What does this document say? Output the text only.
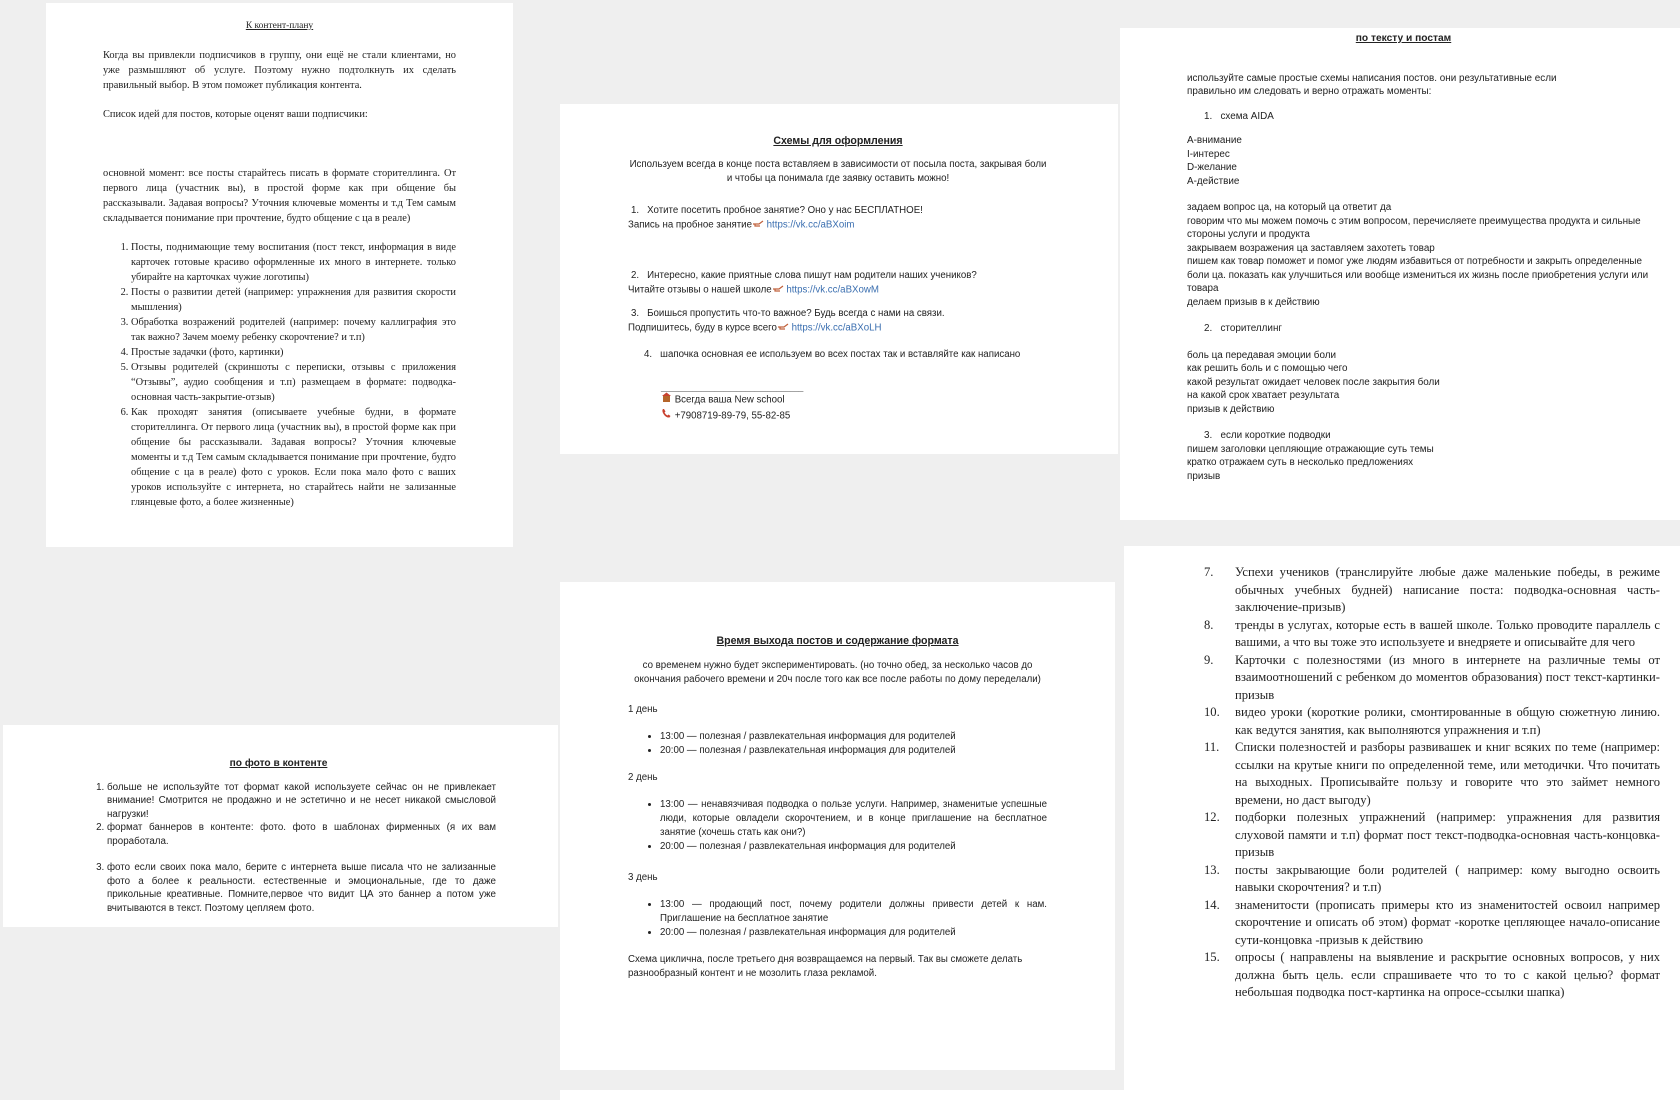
К контент-плану

Когда вы привлекли подписчиков в группу, они ещё не стали клиентами, но уже размышляют об услуге. Поэтому нужно подтолкнуть их сделать правильный выбор. В этом поможет публикация контента.

Список идей для постов, которые оценят ваши подписчики:

основной момент: все посты старайтесь писать в формате сторителлинга. От первого лица (участник вы), в простой форме как при общение бы рассказывали. Задавая вопросы? Уточния ключевые моменты и т.д Тем самым складывается понимание при прочтение, будто общение с ца в реале)

1. Посты, поднимающие тему воспитания (пост текст, информация в виде карточек готовые красиво оформленные их много в интернете. только убирайте на карточках чужие логотипы)
2. Посты о развитии детей (например: упражнения для развития скорости мышления)
3. Обработка возражений родителей (например: почему каллиграфия это так важно? Зачем моему ребенку скорочтение? и т.п)
4. Простые задачки (фото, картинки)
5. Отзывы родителей (скриншоты с переписки, отзывы с приложения “Отзывы”, аудио сообщения и т.п) размещаем в формате: подводка-основная часть-закрытие-отзыв)
6. Как проходят занятия (описываете учебные будни, в формате сторителлинга. От первого лица (участник вы), в простой форме как при общение бы рассказывали. Задавая вопросы? Уточния ключевые моменты и т.д Тем самым складывается понимание при прочтение, будто общение с ца в реале) фото с уроков. Если пока мало фото с ваших уроков используйте с интернета, но старайтесь найти не зализанные глянцевые фото, а более жизненные)

Схемы для оформления

Используем всегда в конце поста вставляем в зависимости от посыла поста, закрывая боли и чтобы ца понимала где заявку оставить можно!

1. Хотите посетить пробное занятие? Оно у нас БЕСПЛАТНОЕ!
Запись на пробное занятие https://vk.cc/aBXoim
2. Интересно, какие приятные слова пишут нам родители наших учеников?
Читайте отзывы о нашей школе https://vk.cc/aBXowM
3. Боишься пропустить что-то важное? Будь всегда с нами на связи.
Подпишитесь, буду в курсе всего https://vk.cc/aBXoLH
4. шапочка основная ее используем во всех постах так и вставляйте как написано
________________________________
Всегда ваша New school
+7908719-89-79, 55-82-85

по тексту и постам

используйте самые простые схемы написания постов. они результативные если правильно им следовать и верно отражать моменты:

1. схема AIDA

А-внимание

I-интерес

D-желание

А-действие

задаем вопрос ца, на который ца ответит да

говорим что мы можем помочь с этим вопросом, перечисляете преимущества продукта и сильные стороны услуги и продукта

закрываем возражения ца заставляем захотеть товар

пишем как товар поможет и помог уже людям избавиться от потребности и закрыть определенные боли ца. показать как улучшиться или вообще измениться их жизнь после приобретения услуги или товара

делаем призыв в к действию

2. сторителлинг

боль ца передавая эмоции боли

как решить боль и с помощью чего

какой результат ожидает человек после закрытия боли

на какой срок хватает результата

призыв к действию

3. если короткие подводки

пишем заголовки цепляющие отражающие суть темы

кратко отражаем суть в несколько предложениях

призыв

по фото в контенте

1. больше не используйте тот формат какой используете сейчас он не привлекает внимание! Смотрится не продажно и не эстетично и не несет никакой смысловой нагрузки!
2. формат баннеров в контенте: фото. фото в шаблонах фирменных (я их вам проработала.
3. фото если своих пока мало, берите с интернета выше писала что не зализанные фото а более к реальности. естественные и эмоциональные, где то даже прикольные креативные. Помните,первое что видит ЦА это баннер а потом уже вчитываются в текст. Поэтому цепляем фото.

Время выхода постов и содержание формата

со временем нужно будет экспериментировать. (но точно обед, за несколько часов до окончания рабочего времени и 20ч после того как все после работы по дому переделали)

1 день

• 13:00 — полезная / развлекательная информация для родителей
• 20:00 — полезная / развлекательная информация для родителей

2 день

• 13:00 — ненавязчивая подводка о пользе услуги. Например, знаменитые успешные люди, которые овладели скорочтением, и в конце приглашение на бесплатное занятие (хочешь стать как они?)
• 20:00 — полезная / развлекательная информация для родителей

3 день

• 13:00 — продающий пост, почему родители должны привести детей к нам. Приглашение на бесплатное занятие
• 20:00 — полезная / развлекательная информация для родителей

Схема циклична, после третьего дня возвращаемся на первый. Так вы сможете делать разнообразный контент и не мозолить глаза рекламой.

7.	Успехи учеников (транслируйте любые даже маленькие победы, в режиме обычных учебных будней) написание поста: подводка-основная часть-заключение-призыв)
8.	тренды в услугах, которые есть в вашей школе. Только проводите параллель с вашими, а что вы тоже это используете и внедряете и описывайте для чего
9.	Карточки с полезностями (из много в интернете на различные темы от взаимоотношений с ребенком до моментов образования) пост текст-картинки-призыв
10.	видео уроки (короткие ролики, смонтированные в общую сюжетную линию. как ведутся занятия, как выполняются упражнения и т.п)
11.	Списки полезностей и разборы развивашек и книг всяких по теме (например: ссылки на крутые книги по определенной теме, или методички. Что почитать на выходных. Прописывайте пользу и говорите что это займет немного времени, но даст выгоду)
12.	подборки полезных упражнений (например: упражнения для развития слуховой памяти и т.п) формат пост текст-подводка-основная часть-концовка-призыв
13.	посты закрывающие боли родителей ( например: кому выгодно освоить навыки скорочтения? и т.п)
14.	знаменитости (прописать примеры кто из знаменитостей освоил например скорочтение и описать об этом) формат -коротке цепляющее начало-описание сути-концовка -призыв к действию
15.	опросы ( направлены на выявление и раскрытие основных вопросов, у них должна быть цель. если спрашиваете что то то с какой целью? формат небольшая подводка пост-картинка на опросе-ссылки шапка)
